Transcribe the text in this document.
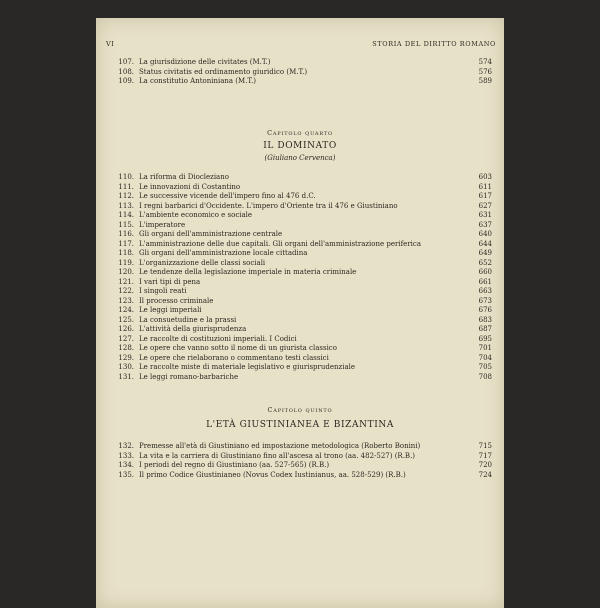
VI	STORIA DEL DIRITTO ROMANO
107. La giurisdizione delle civitates (M.T.)	574
108. Status civitatis ed ordinamento giuridico (M.T.)	576
109. La constitutio Antoniniana (M.T.)	589
Capitolo quarto
IL DOMINATO
(Giuliano Cervenca)
110. La riforma di Diocleziano	603
111. Le innovazioni di Costantino	611
112. Le successive vicende dell'impero fino al 476 d.C.	617
113. I regni barbarici d'Occidente. L'impero d'Oriente tra il 476 e Giustiniano	627
114. L'ambiente economico e sociale	631
115. L'imperatore	637
116. Gli organi dell'amministrazione centrale	640
117. L'amministrazione delle due capitali. Gli organi dell'amministrazione periferica	644
118. Gli organi dell'amministrazione locale cittadina	649
119. L'organizzazione delle classi sociali	652
120. Le tendenze della legislazione imperiale in materia criminale	660
121. I vari tipi di pena	661
122. I singoli reati	663
123. Il processo criminale	673
124. Le leggi imperiali	676
125. La consuetudine e la prassi	683
126. L'attività della giurisprudenza	687
127. Le raccolte di costituzioni imperiali. I Codici	695
128. Le opere che vanno sotto il nome di un giurista classico	701
129. Le opere che rielaborano o commentano testi classici	704
130. Le raccolte miste di materiale legislativo e giurisprudenziale	705
131. Le leggi romano-barbariche	708
Capitolo quinto
L'ETÀ GIUSTINIANEA E BIZANTINA
132. Premesse all'età di Giustiniano ed impostazione metodologica (Roberto Bonini)	715
133. La vita e la carriera di Giustiniano fino all'ascesa al trono (aa. 482-527) (R.B.)	717
134. I periodi del regno di Giustiniano (aa. 527-565) (R.B.)	720
135. Il primo Codice Giustinianeo (Novus Codex Iustinianus, aa. 528-529) (R.B.)	724
